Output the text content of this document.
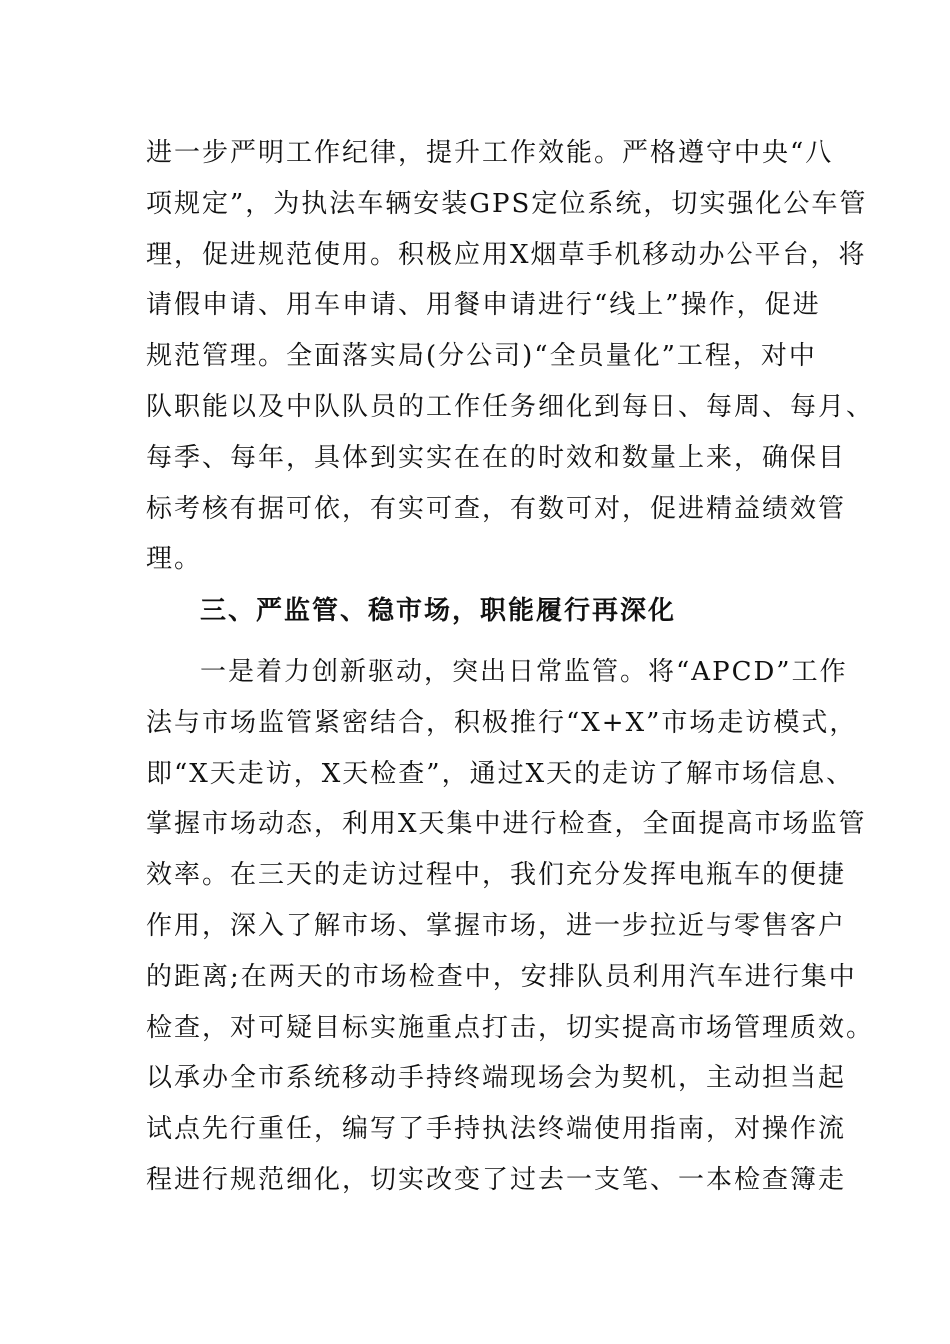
进一步严明工作纪律，提升工作效能。严格遵守中央“八
项规定”，为执法车辆安装GPS定位系统，切实强化公车管
理，促进规范使用。积极应用X烟草手机移动办公平台，将
请假申请、用车申请、用餐申请进行“线上”操作，促进
规范管理。全面落实局(分公司)“全员量化”工程，对中
队职能以及中队队员的工作任务细化到每日、每周、每月、
每季、每年，具体到实实在在的时效和数量上来，确保目
标考核有据可依，有实可查，有数可对，促进精益绩效管
理。
三、严监管、稳市场，职能履行再深化
一是着力创新驱动，突出日常监管。将“APCD”工作
法与市场监管紧密结合，积极推行“X+X”市场走访模式，
即“X天走访，X天检查”，通过X天的走访了解市场信息、
掌握市场动态，利用X天集中进行检查，全面提高市场监管
效率。在三天的走访过程中，我们充分发挥电瓶车的便捷
作用，深入了解市场、掌握市场，进一步拉近与零售客户
的距离;在两天的市场检查中，安排队员利用汽车进行集中
检查，对可疑目标实施重点打击，切实提高市场管理质效。
以承办全市系统移动手持终端现场会为契机，主动担当起
试点先行重任，编写了手持执法终端使用指南，对操作流
程进行规范细化，切实改变了过去一支笔、一本检查簿走
